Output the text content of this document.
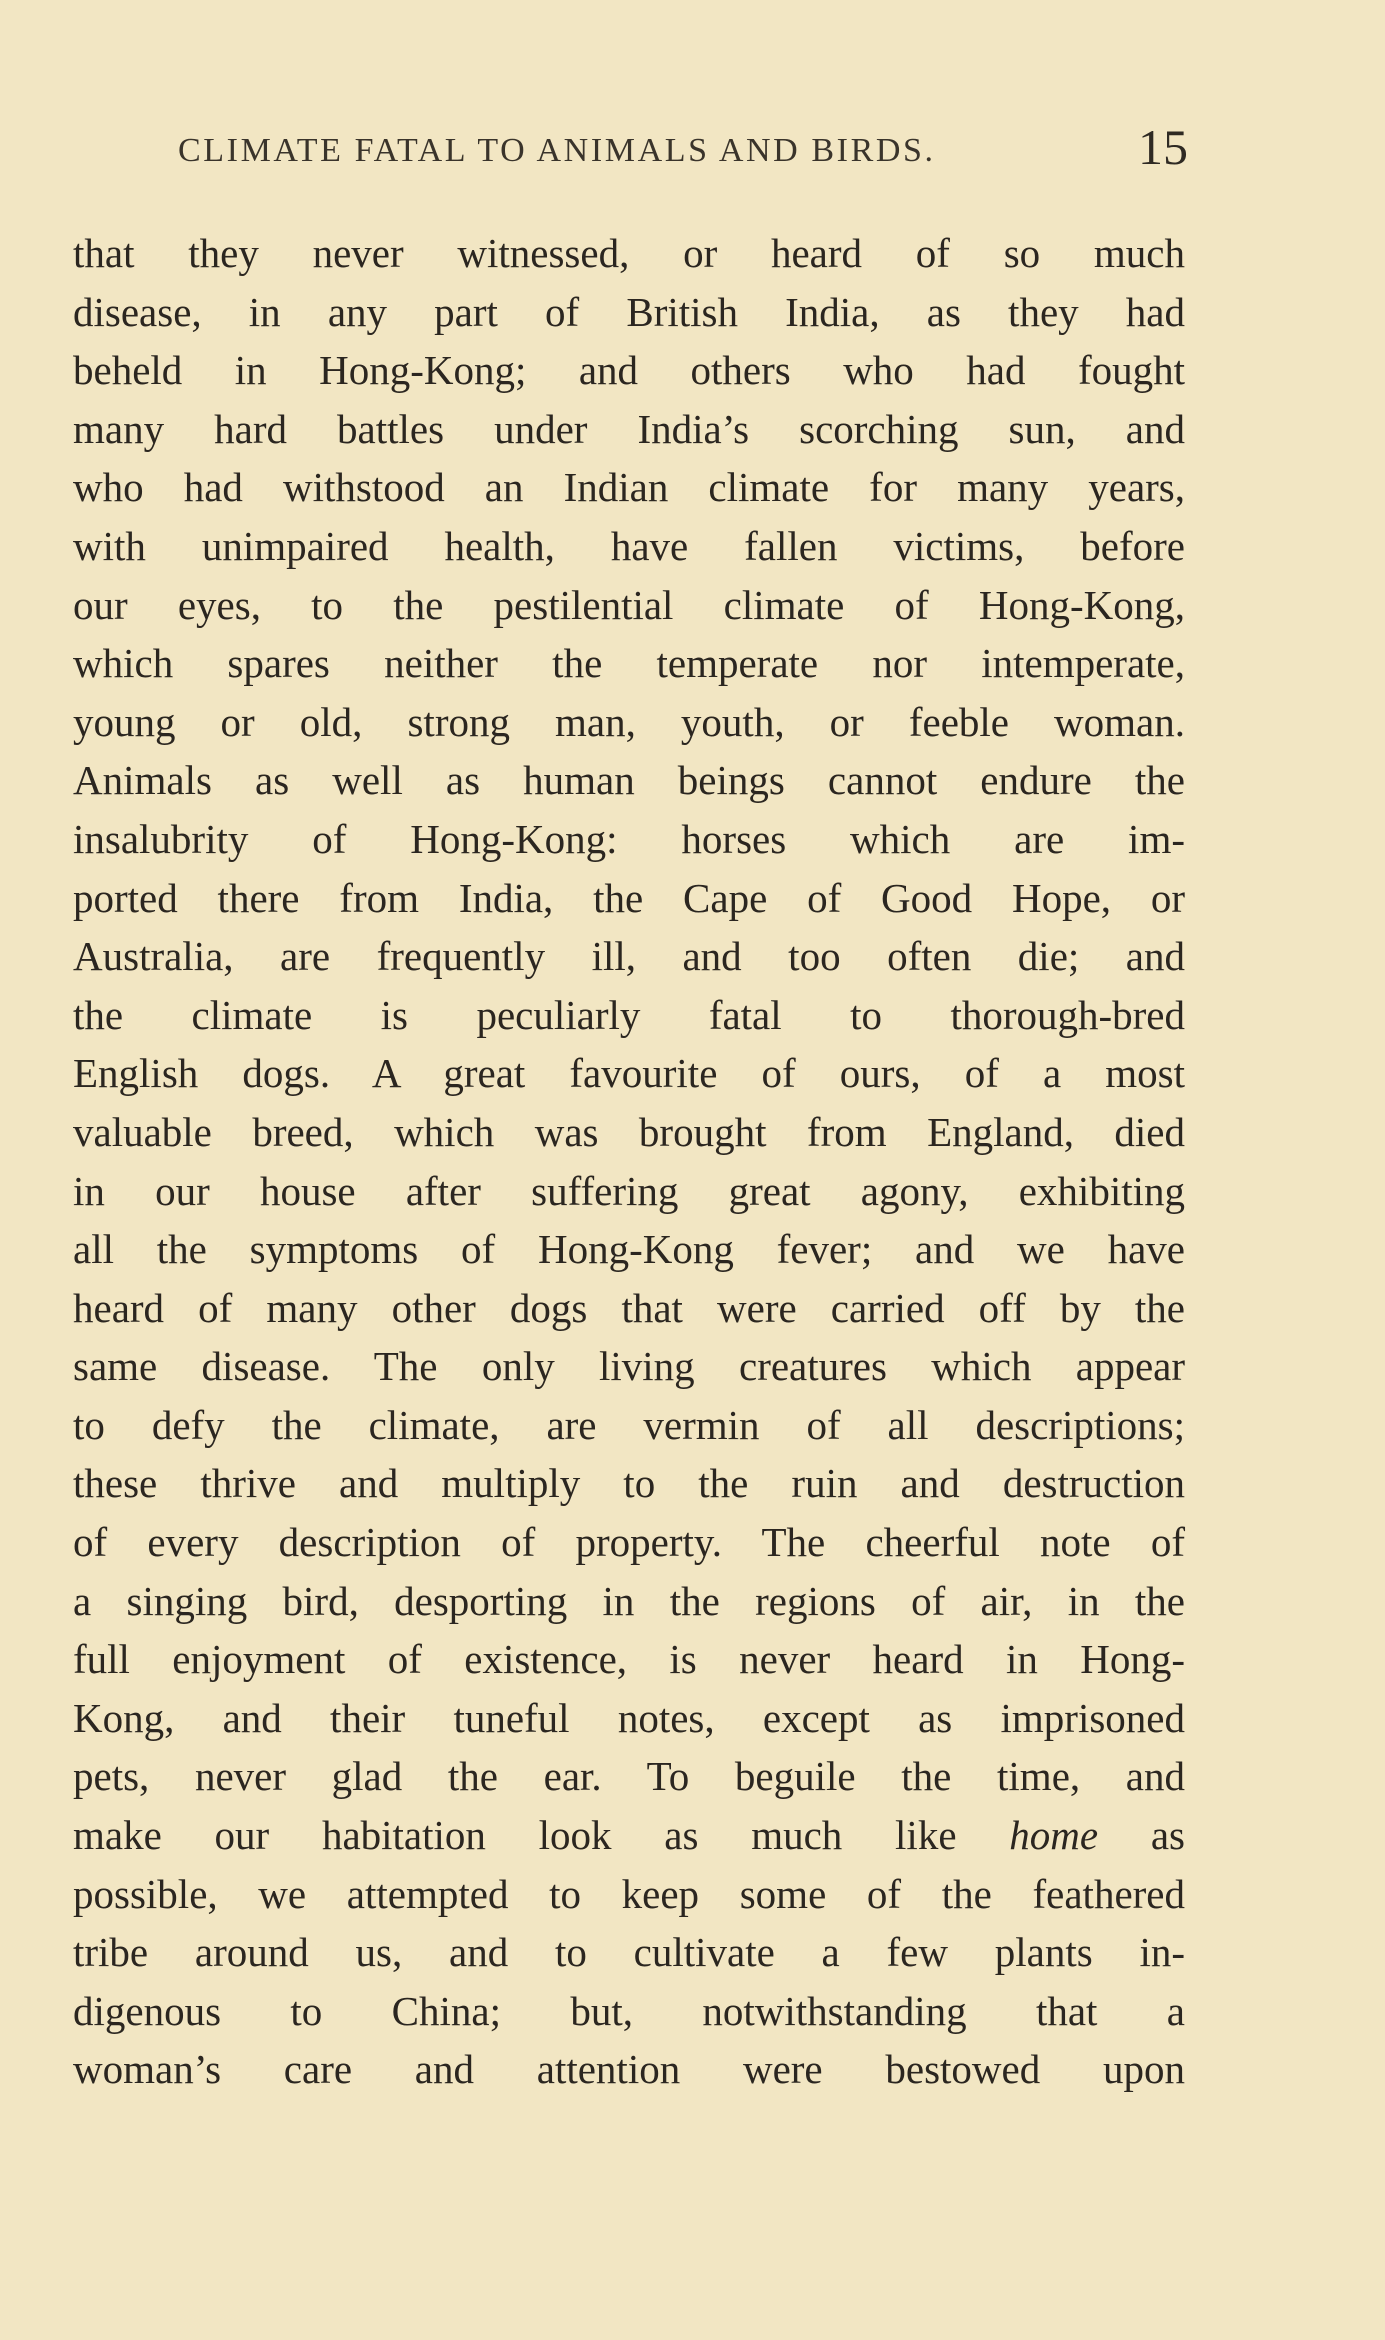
CLIMATE FATAL TO ANIMALS AND BIRDS.	15
that they never witnessed, or heard of so much
disease, in any part of British India, as they had
beheld in Hong-Kong; and others who had fought
many hard battles under India’s scorching sun, and
who had withstood an Indian climate for many years,
with unimpaired health, have fallen victims, before
our eyes, to the pestilential climate of Hong-Kong,
which spares neither the temperate nor intemperate,
young or old, strong man, youth, or feeble woman.
Animals as well as human beings cannot endure the
insalubrity of Hong-Kong: horses which are im-
ported there from India, the Cape of Good Hope, or
Australia, are frequently ill, and too often die; and
the climate is peculiarly fatal to thorough-bred
English dogs. A great favourite of ours, of a most
valuable breed, which was brought from England, died
in our house after suffering great agony, exhibiting
all the symptoms of Hong-Kong fever; and we have
heard of many other dogs that were carried off by the
same disease. The only living creatures which appear
to defy the climate, are vermin of all descriptions;
these thrive and multiply to the ruin and destruction
of every description of property. The cheerful note of
a singing bird, desporting in the regions of air, in the
full enjoyment of existence, is never heard in Hong-
Kong, and their tuneful notes, except as imprisoned
pets, never glad the ear. To beguile the time, and
make our habitation look as much like home as
possible, we attempted to keep some of the feathered
tribe around us, and to cultivate a few plants in-
digenous to China; but, notwithstanding that a
woman’s care and attention were bestowed upon
